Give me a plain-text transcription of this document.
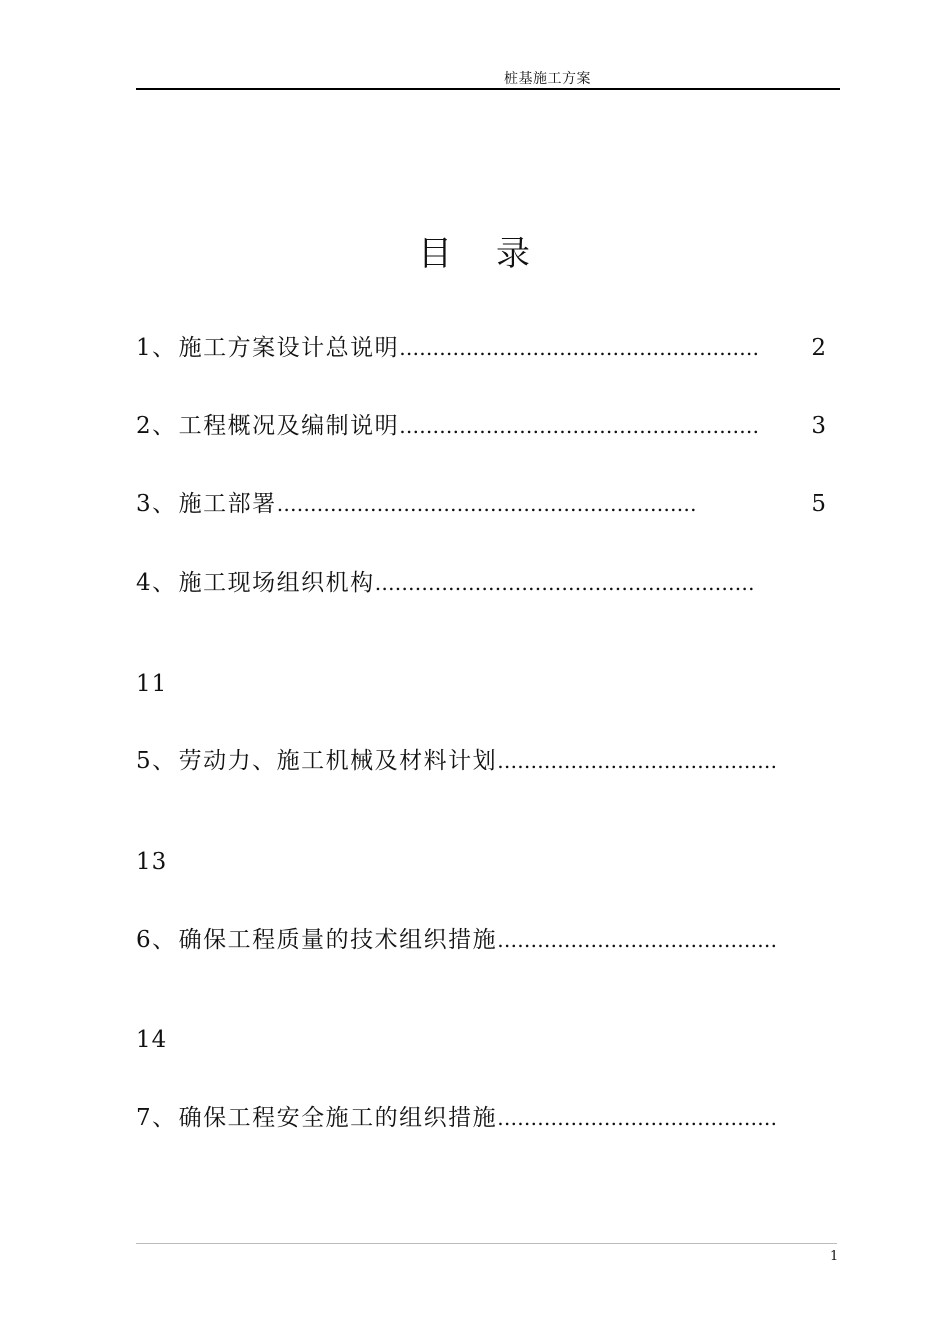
桩基施工方案
目录
1、施工方案设计总说明……………………………………………… 2
2、工程概况及编制说明……………………………………………… 3
3、施工部署………………………………………………………	5
4、施工现场组织机构…………………………………………………
11
5、劳动力、施工机械及材料计划……………………………………
13
6、确保工程质量的技术组织措施……………………………………
14
7、确保工程安全施工的组织措施……………………………………
1
